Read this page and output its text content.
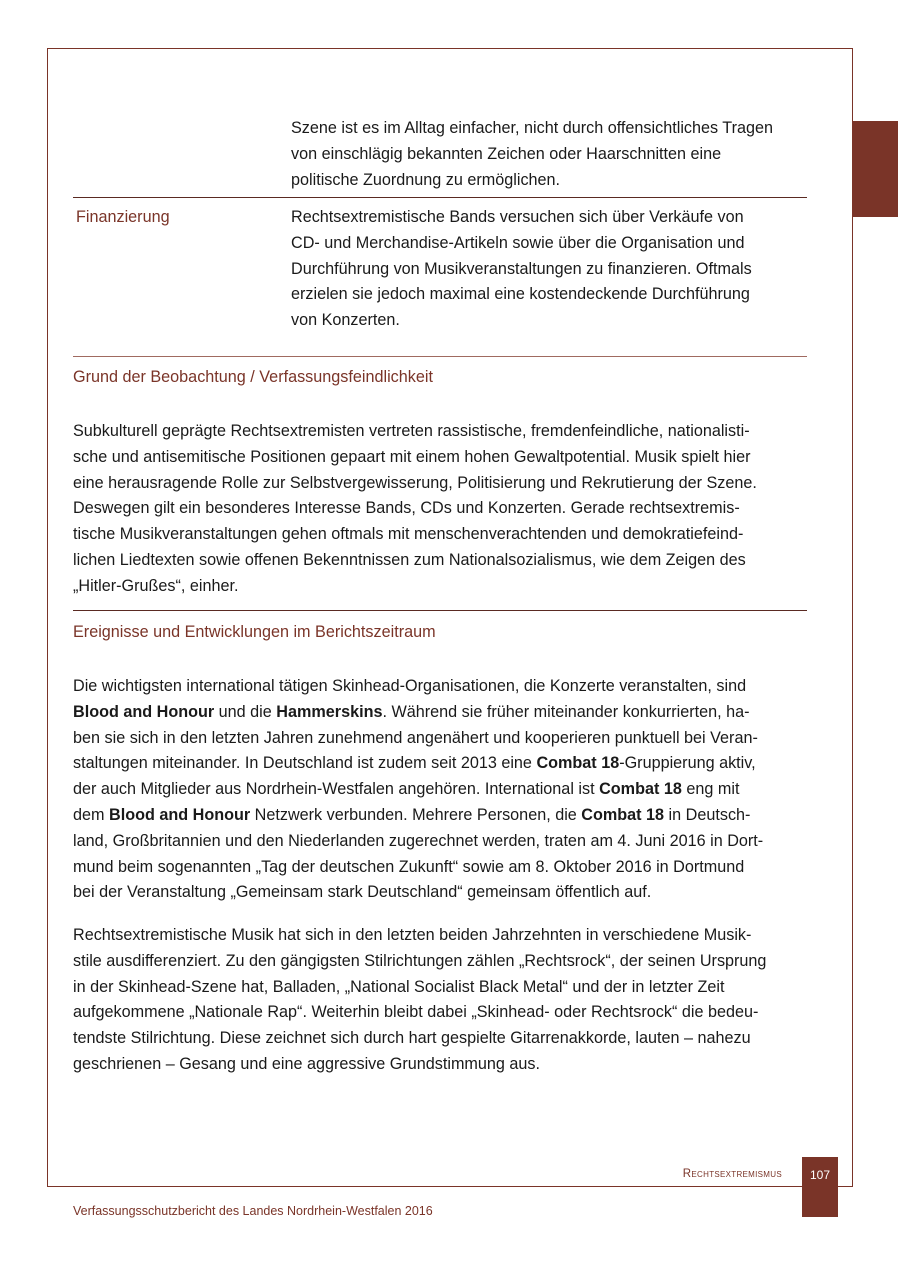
Szene ist es im Alltag einfacher, nicht durch offensichtliches Tragen
von einschlägig bekannten Zeichen oder Haarschnitten eine
politische Zuordnung zu ermöglichen.
Finanzierung	Rechtsextremistische Bands versuchen sich über Verkäufe von
CD- und Merchandise-Artikeln sowie über die Organisation und
Durchführung von Musikveranstaltungen zu finanzieren. Oftmals
erzielen sie jedoch maximal eine kostendeckende Durchführung
von Konzerten.
Grund der Beobachtung / Verfassungsfeindlichkeit
Subkulturell geprägte Rechtsextremisten vertreten rassistische, fremdenfeindliche, nationalisti-
sche und antisemitische Positionen gepaart mit einem hohen Gewaltpotential. Musik spielt hier
eine herausragende Rolle zur Selbstvergewisserung, Politisierung und Rekrutierung der Szene.
Deswegen gilt ein besonderes Interesse Bands, CDs und Konzerten. Gerade rechtsextremis-
tische Musikveranstaltungen gehen oftmals mit menschenverachtenden und demokratiefeind-
lichen Liedtexten sowie offenen Bekenntnissen zum Nationalsozialismus, wie dem Zeigen des
„Hitler-Grußes“, einher.
Ereignisse und Entwicklungen im Berichtszeitraum
Die wichtigsten international tätigen Skinhead-Organisationen, die Konzerte veranstalten, sind
Blood and Honour und die Hammerskins. Während sie früher miteinander konkurrierten, ha-
ben sie sich in den letzten Jahren zunehmend angenähert und kooperieren punktuell bei Veran-
staltungen miteinander. In Deutschland ist zudem seit 2013 eine Combat 18-Gruppierung aktiv,
der auch Mitglieder aus Nordrhein-Westfalen angehören. International ist Combat 18 eng mit
dem Blood and Honour Netzwerk verbunden. Mehrere Personen, die Combat 18 in Deutsch-
land, Großbritannien und den Niederlanden zugerechnet werden, traten am 4. Juni 2016 in Dort-
mund beim sogenannten „Tag der deutschen Zukunft“ sowie am 8. Oktober 2016 in Dortmund
bei der Veranstaltung „Gemeinsam stark Deutschland“ gemeinsam öffentlich auf.
Rechtsextremistische Musik hat sich in den letzten beiden Jahrzehnten in verschiedene Musik-
stile ausdifferenziert. Zu den gängigsten Stilrichtungen zählen „Rechtsrock“, der seinen Ursprung
in der Skinhead-Szene hat, Balladen, „National Socialist Black Metal“ und der in letzter Zeit
aufgekommene „Nationale Rap“. Weiterhin bleibt dabei „Skinhead- oder Rechtsrock“ die bedeu-
tendste Stilrichtung. Diese zeichnet sich durch hart gespielte Gitarrenakkorde, lauten – nahezu
geschrienen – Gesang und eine aggressive Grundstimmung aus.
Rechtsextremismus	107
Verfassungsschutzbericht des Landes Nordrhein-Westfalen 2016
